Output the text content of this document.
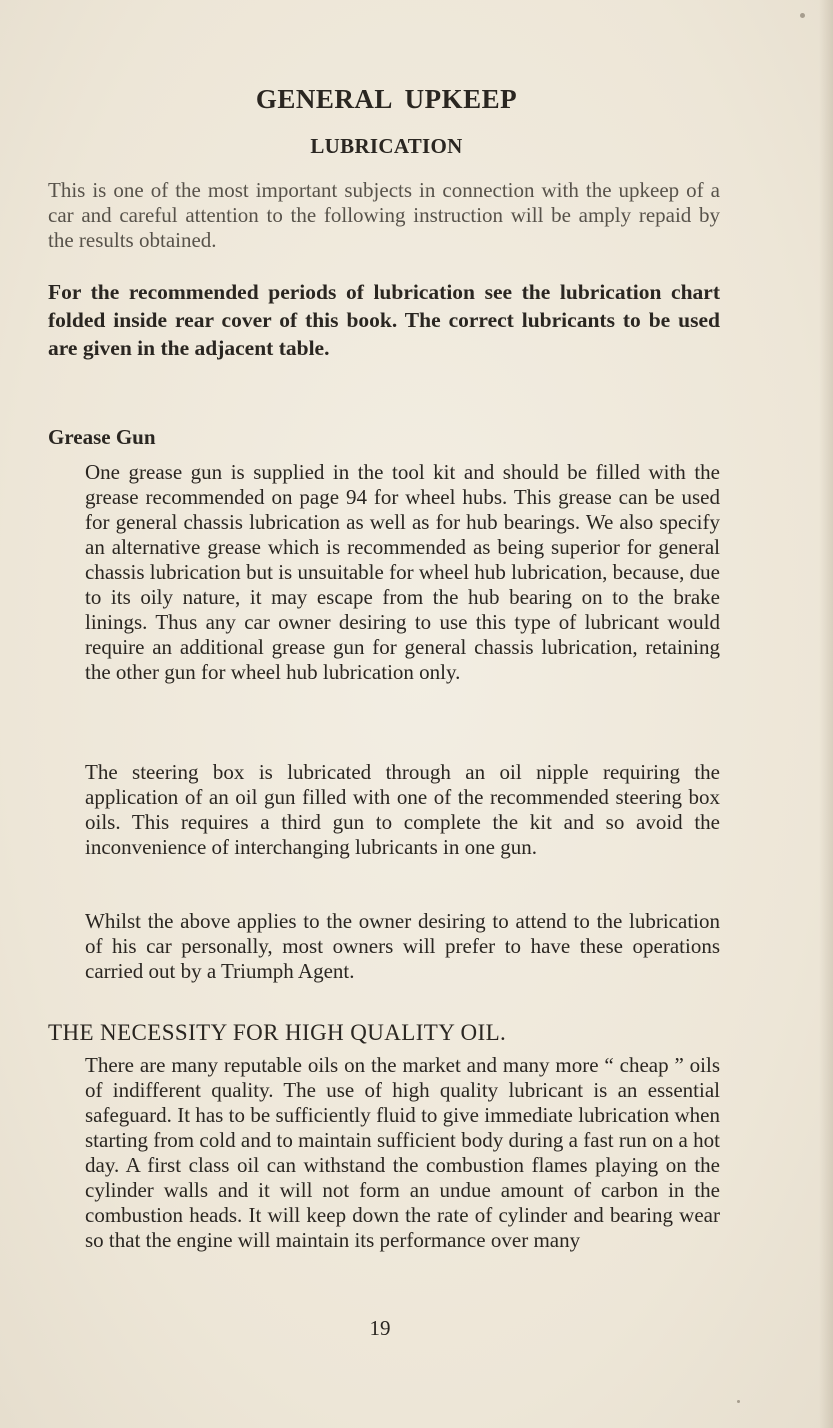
GENERAL UPKEEP
LUBRICATION
This is one of the most important subjects in connection with the upkeep of a car and careful attention to the following instruction will be amply repaid by the results obtained.
For the recommended periods of lubrication see the lubrication chart folded inside rear cover of this book. The correct lubricants to be used are given in the adjacent table.
Grease Gun
One grease gun is supplied in the tool kit and should be filled with the grease recommended on page 94 for wheel hubs. This grease can be used for general chassis lubrication as well as for hub bearings. We also specify an alternative grease which is recommended as being superior for general chassis lubrication but is unsuitable for wheel hub lubrication, because, due to its oily nature, it may escape from the hub bearing on to the brake linings. Thus any car owner desiring to use this type of lubricant would require an additional grease gun for general chassis lubrication, retaining the other gun for wheel hub lubrication only.
The steering box is lubricated through an oil nipple requiring the application of an oil gun filled with one of the recommended steering box oils. This requires a third gun to complete the kit and so avoid the inconvenience of interchanging lubricants in one gun.
Whilst the above applies to the owner desiring to attend to the lubrication of his car personally, most owners will prefer to have these operations carried out by a Triumph Agent.
THE NECESSITY FOR HIGH QUALITY OIL.
There are many reputable oils on the market and many more “ cheap ” oils of indifferent quality. The use of high quality lubricant is an essential safeguard. It has to be sufficiently fluid to give immediate lubrication when starting from cold and to maintain sufficient body during a fast run on a hot day. A first class oil can withstand the combustion flames playing on the cylinder walls and it will not form an undue amount of carbon in the combustion heads. It will keep down the rate of cylinder and bearing wear so that the engine will maintain its performance over many
19
